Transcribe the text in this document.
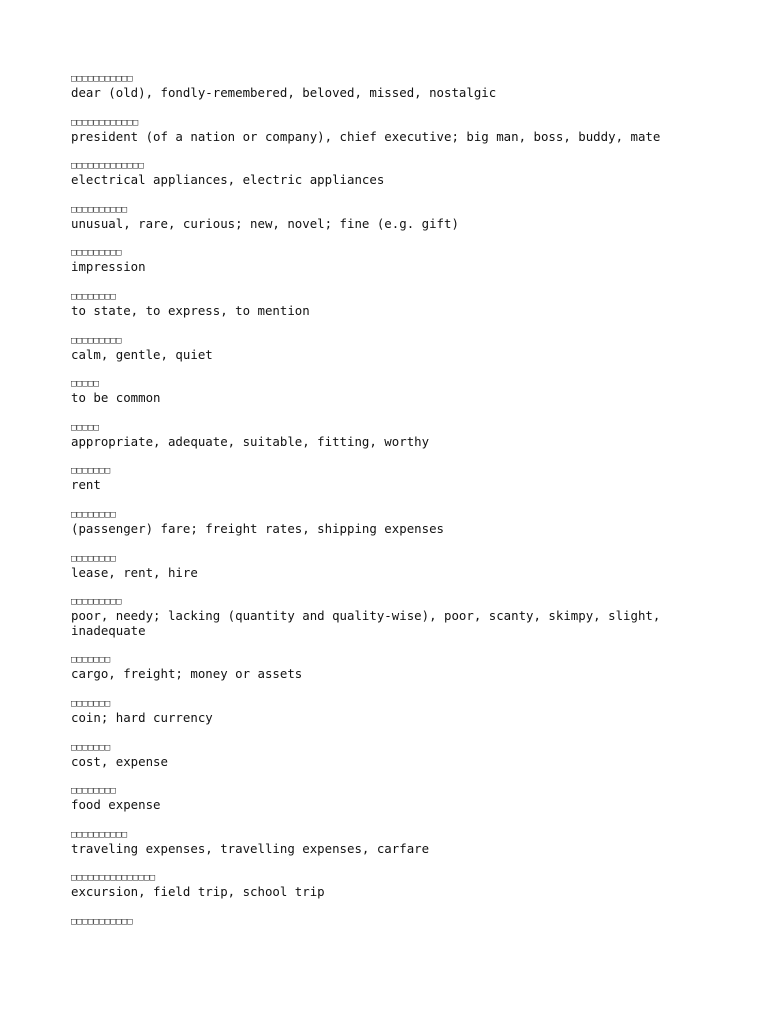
□□□□□□□□□□□
dear (old), fondly-remembered, beloved, missed, nostalgic
□□□□□□□□□□□□
president (of a nation or company), chief executive; big man, boss, buddy, mate
□□□□□□□□□□□□□
electrical appliances, electric appliances
□□□□□□□□□□
unusual, rare, curious; new, novel; fine (e.g. gift)
□□□□□□□□□
impression
□□□□□□□□
to state, to express, to mention
□□□□□□□□□
calm, gentle, quiet
□□□□□
to be common
□□□□□
appropriate, adequate, suitable, fitting, worthy
□□□□□□□
rent
□□□□□□□□
(passenger) fare; freight rates, shipping expenses
□□□□□□□□
lease, rent, hire
□□□□□□□□□
poor, needy; lacking (quantity and quality-wise), poor, scanty, skimpy, slight, inadequate
□□□□□□□
cargo, freight; money or assets
□□□□□□□
coin; hard currency
□□□□□□□
cost, expense
□□□□□□□□
food expense
□□□□□□□□□□
traveling expenses, travelling expenses, carfare
□□□□□□□□□□□□□□□
excursion, field trip, school trip
□□□□□□□□□□□
